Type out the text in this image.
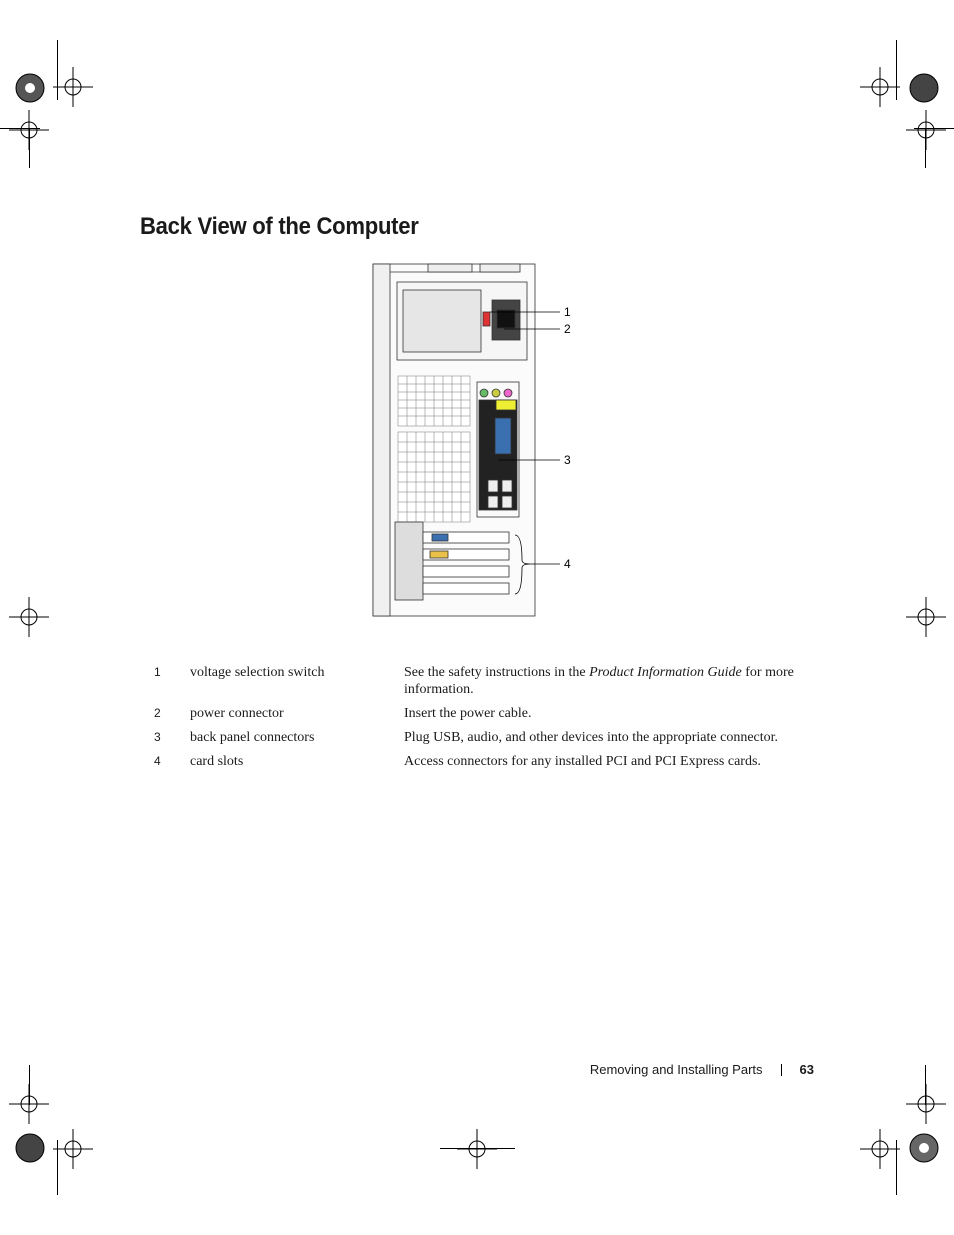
Back View of the Computer
1
2
3
4
1	voltage selection switch	See the safety instructions in the Product Information Guide for more information.
2	power connector	Insert the power cable.
3	back panel connectors	Plug USB, audio, and other devices into the appropriate connector.
4	card slots	Access connectors for any installed PCI and PCI Express cards.
Removing and Installing Parts	63
